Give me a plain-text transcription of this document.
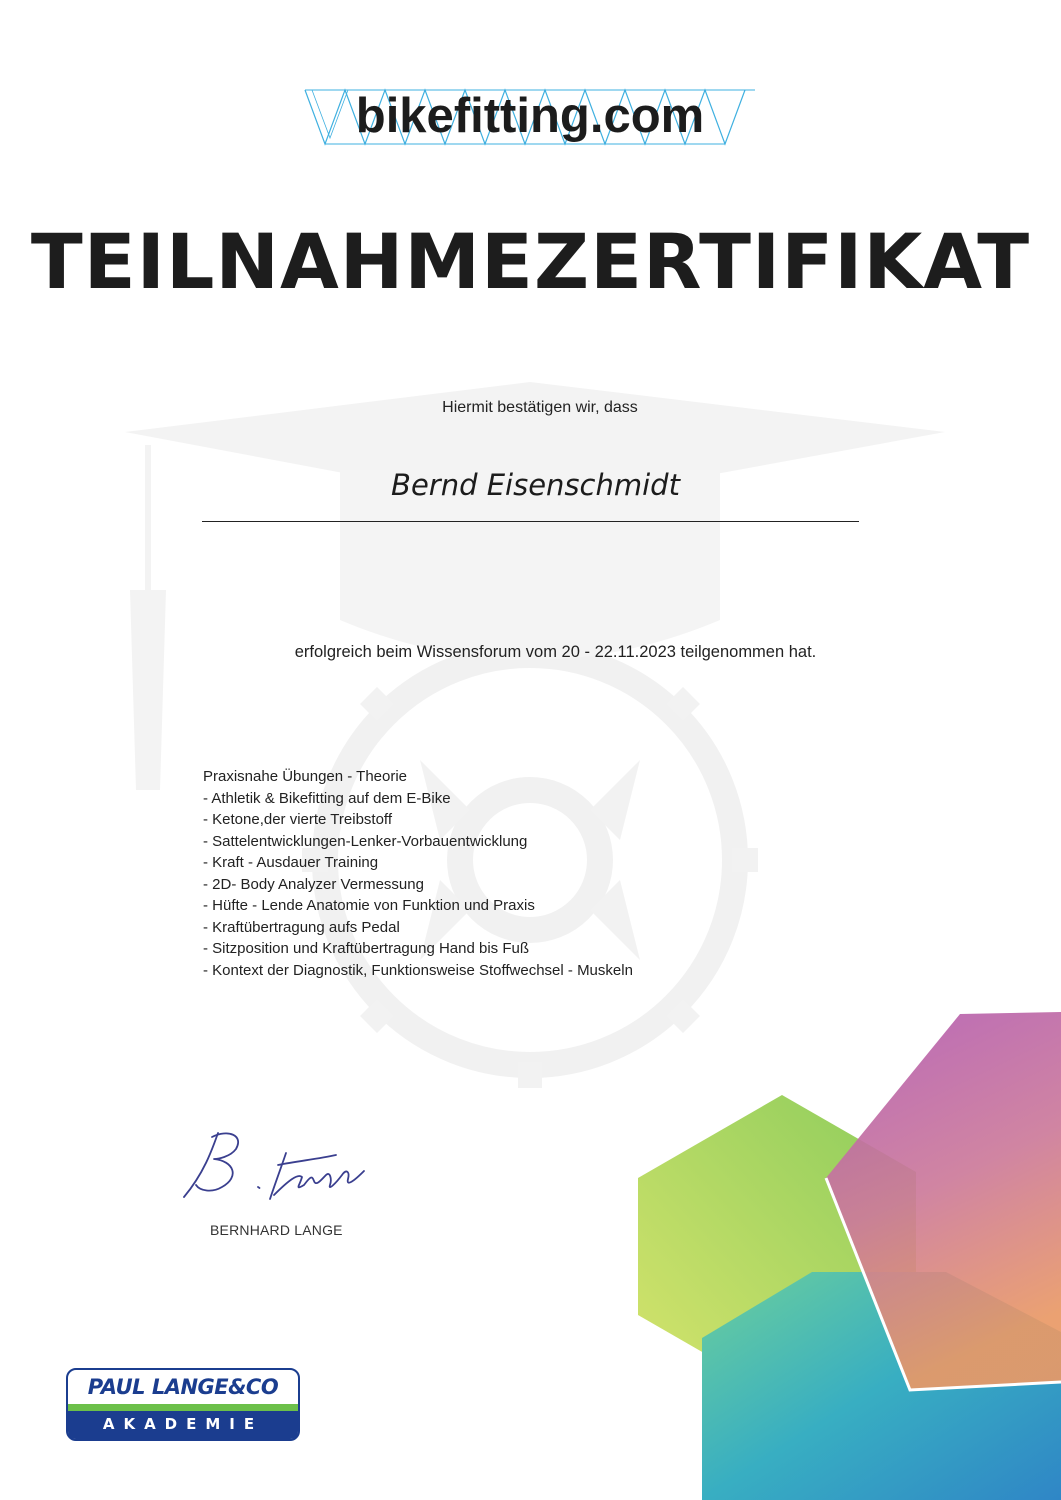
bikefitting.com
TEILNAHMEZERTIFIKAT
Hiermit bestätigen wir, dass
Bernd Eisenschmidt
erfolgreich beim Wissensforum vom 20 - 22.11.2023 teilgenommen hat.
Praxisnahe Übungen - Theorie
- Athletik & Bikefitting auf dem E-Bike
- Ketone,der vierte Treibstoff
- Sattelentwicklungen-Lenker-Vorbauentwicklung
- Kraft - Ausdauer Training
- 2D- Body Analyzer Vermessung
- Hüfte - Lende Anatomie von Funktion und Praxis
- Kraftübertragung aufs Pedal
- Sitzposition und Kraftübertragung Hand bis Fuß
- Kontext der Diagnostik, Funktionsweise Stoffwechsel - Muskeln
BERNHARD LANGE
PAUL LANGE&CO
AKADEMIE
